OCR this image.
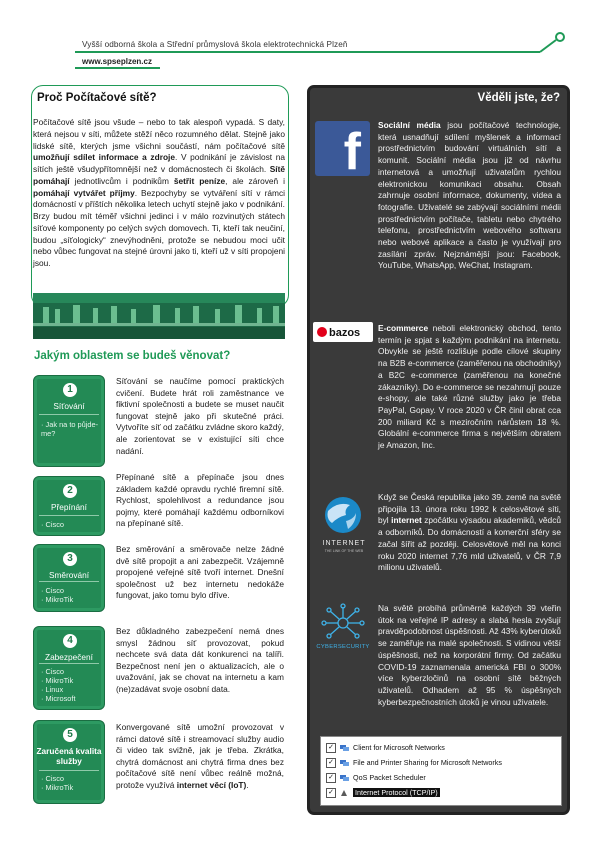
Vyšší odborná škola a Střední průmyslová škola elektrotechnická Plzeň
www.spseplzen.cz
Proč Počítačové sítě?
Počítačové sítě jsou všude – nebo to tak alespoň vypadá. S daty, která nejsou v síti, můžete stěží něco rozumného dělat. Stejně jako lidské sítě, kterých jsme všichni součástí, nám počítačové sítě umožňují sdílet informace a zdroje. V podnikání je závislost na sítích ještě všudypřítomnější než v domácnostech či školách. Sítě pomáhají jednotlivcům i podnikům šetřit peníze, ale zároveň i pomáhají vytvářet příjmy. Bezpochyby se vytváření sítí v rámci domácností v příštích několika letech uchytí stejně jako v podnikání. Brzy budou mít téměř všichni jedinci i v málo rozvinutých státech síťové komponenty po celých svých domovech. Ti, kteří tak neučiní, budou „síťologicky“ znevýhodněni, protože se nebudou moci učit nebo vůbec fungovat na stejné úrovni jako ti, kteří už v síti propojeni jsou.
Jakým oblastem se budeš věnovat?
1
Síťování
· Jak na to půjde-
me?
Síťování se naučíme pomocí praktických cvičení. Budete hrát roli zaměstnance ve fiktivní společnosti a budete se muset naučit fungovat stejně jako při skutečné práci. Vytvoříte síť od začátku zvládne skoro každý, ale zorientovat se v existující síti chce nadání.
2
Přepínání
· Cisco
Přepínané sítě a přepínače jsou dnes základem každé opravdu rychlé firemní sítě. Rychlost, spolehlivost a redundance jsou pojmy, které pomáhají každému odborníkovi na přepínané sítě.
3
Směrování
· Cisco
· MikroTik
Bez směrování a směrovače nelze žádné dvě sítě propojit a ani zabezpečit. Vzájemně propojené veřejné sítě tvoří internet. Dnešní společnost už bez internetu nedokáže fungovat, jako tomu bylo dříve.
4
Zabezpečení
· Cisco
· MikroTik
· Linux
· Microsoft
Bez důkladného zabezpečení nemá dnes smysl žádnou síť provozovat, pokud nechcete svá data dát konkurenci na talíři. Bezpečnost není jen o aktualizacích, ale o uvažování, jak se chovat na internetu a kam (ne)zadávat svoje osobní data.
5
Zaručená kvalita služby
· Cisco
· MikroTik
Konvergované sítě umožní provozovat v rámci datové sítě i streamovací služby audio či video tak svižně, jak je třeba. Zkrátka, chytrá domácnost ani chytrá firma dnes bez počítačové sítě není vůbec reálně možná, protože využívá internet věcí (IoT).
Věděli jste, že?
f Sociální média jsou počítačové technologie, která usnadňují sdílení myšlenek a informací prostřednictvím budování virtuálních sítí a komunit. Sociální média jsou již od návrhu internetová a umožňují uživatelům rychlou elektronickou komunikaci obsahu. Obsah zahrnuje osobní informace, dokumenty, videa a fotografie. Uživatelé se zabývají sociálními médii prostřednictvím počítače, tabletu nebo chytrého telefonu, prostřednictvím webového softwaru nebo webové aplikace a často je využívají pro zasílání zpráv. Nejznámější jsou: Facebook, YouTube, WhatsApp, WeChat, Instagram.
bazos E-commerce neboli elektronický obchod, tento termín je spjat s každým podnikání na internetu. Obvykle se ještě rozlišuje podle cílové skupiny na B2B e-commerce (zaměřenou na obchodníky) a B2C e-commerce (zaměřenou na konečné zákazníky). Do e-commerce se nezahrnují pouze e-shopy, ale také různé služby jako je třeba PayPal, Gopay. V roce 2020 v ČR činil obrat cca 200 miliard Kč s meziročním nárůstem 18 %. Globální e-commerce firma s největším obratem je Amazon, Inc.
INTERNET
THE LINK OF THE WEB
Když se Česká republika jako 39. země na světě připojila 13. února roku 1992 k celosvětové síti, byl internet zpočátku výsadou akademiků, vědců a odborníků. Do domácností a komerční sféry se začal šířit až později. Celosvětově měl na konci roku 2020 internet 7,76 mld uživatelů, v ČR 7,9 milionu uživatelů.
CYBERSECURITY
Na světě probíhá průměrně každých 39 vteřin útok na veřejné IP adresy a slabá hesla zvyšují pravděpodobnost úspěšnosti. Až 43% kyberútoků se zaměřuje na malé společnosti. S vidinou větší úspěšnosti, než na korporátní firmy. Od začátku COVID-19 zaznamenala americká FBI o 300% více kyberzločinů na osobní sítě běžných uživatelů. Odhadem až 95 % úspěšných kyberbezpečnostních útoků je vinou uživatele.
✓	Client for Microsoft Networks
✓	File and Printer Sharing for Microsoft Networks
✓	QoS Packet Scheduler
✓	Internet Protocol (TCP/IP)
